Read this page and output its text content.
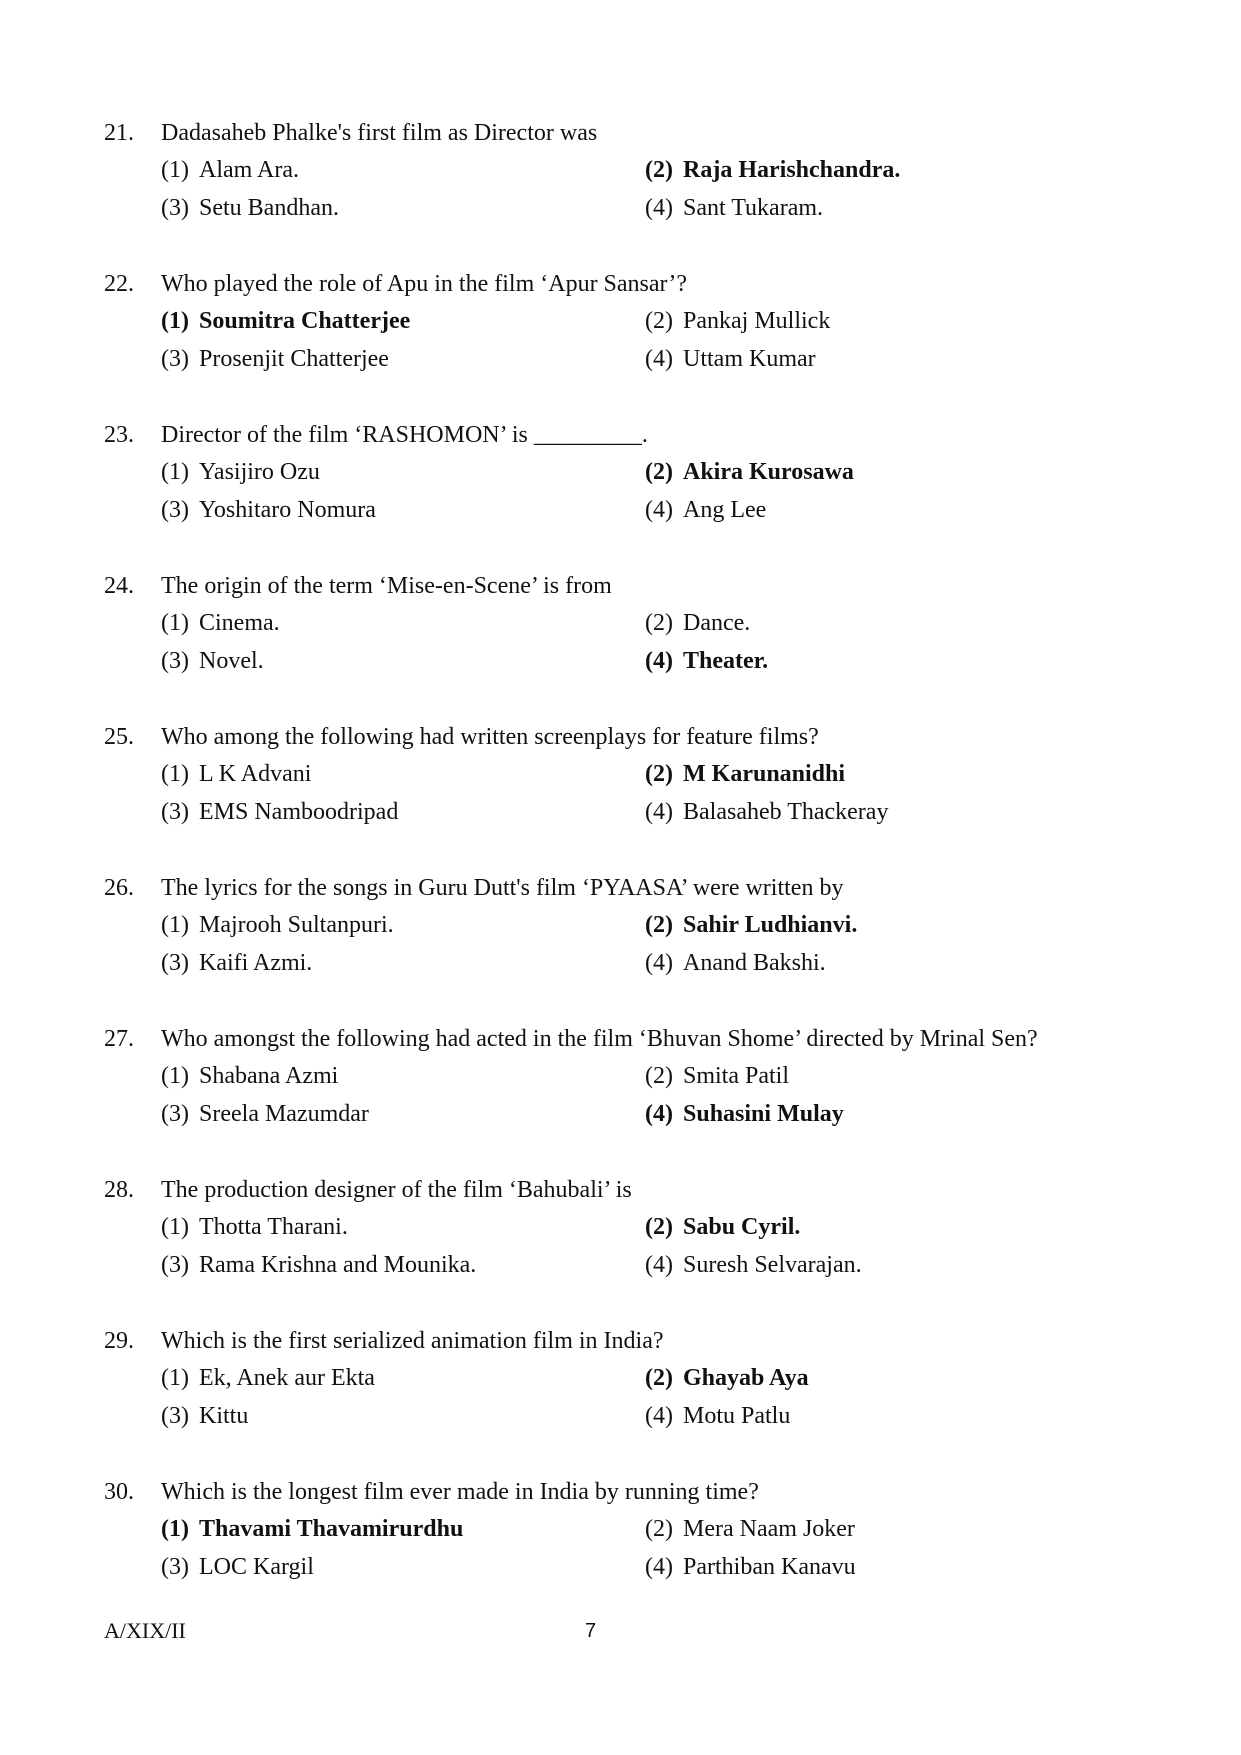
21. Dadasaheb Phalke's first film as Director was
(1) Alam Ara.	(2) Raja Harishchandra.
(3) Setu Bandhan.	(4) Sant Tukaram.
22. Who played the role of Apu in the film ‘Apur Sansar’?
(1) Soumitra Chatterjee	(2) Pankaj Mullick
(3) Prosenjit Chatterjee	(4) Uttam Kumar
23. Director of the film ‘RASHOMON’ is _________.
(1) Yasijiro Ozu	(2) Akira Kurosawa
(3) Yoshitaro Nomura	(4) Ang Lee
24. The origin of the term ‘Mise-en-Scene’ is from
(1) Cinema.	(2) Dance.
(3) Novel.	(4) Theater.
25. Who among the following had written screenplays for feature films?
(1) L K Advani	(2) M Karunanidhi
(3) EMS Namboodripad	(4) Balasaheb Thackeray
26. The lyrics for the songs in Guru Dutt's film ‘PYAASA’ were written by
(1) Majrooh Sultanpuri.	(2) Sahir Ludhianvi.
(3) Kaifi Azmi.	(4) Anand Bakshi.
27. Who amongst the following had acted in the film ‘Bhuvan Shome’ directed by Mrinal Sen?
(1) Shabana Azmi	(2) Smita Patil
(3) Sreela Mazumdar	(4) Suhasini Mulay
28. The production designer of the film ‘Bahubali’ is
(1) Thotta Tharani.	(2) Sabu Cyril.
(3) Rama Krishna and Mounika.	(4) Suresh Selvarajan.
29. Which is the first serialized animation film in India?
(1) Ek, Anek aur Ekta	(2) Ghayab Aya
(3) Kittu	(4) Motu Patlu
30. Which is the longest film ever made in India by running time?
(1) Thavami Thavamirurdhu	(2) Mera Naam Joker
(3) LOC Kargil	(4) Parthiban Kanavu
A/XIX/II	7
